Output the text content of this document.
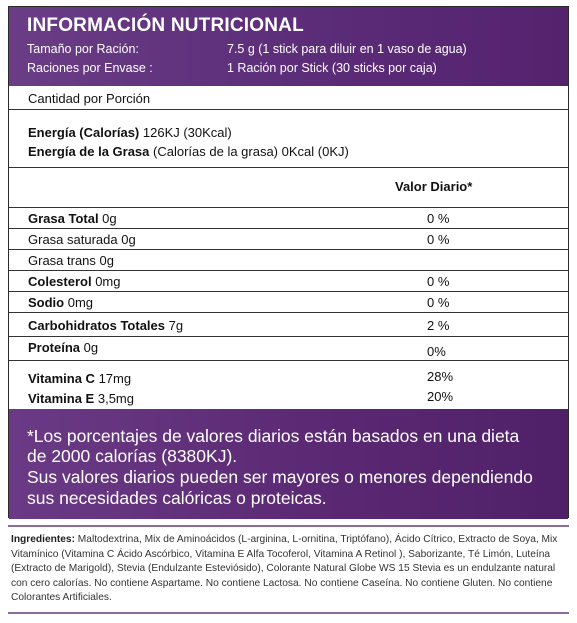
INFORMACIÓN NUTRICIONAL
Tamaño por Ración:	7.5 g (1 stick para diluir en 1 vaso de agua)
Raciones por Envase :	1 Ración por Stick (30 sticks por caja)
Cantidad por Porción
Energía (Calorías) 126KJ (30Kcal)
Energía de la Grasa (Calorías de la grasa) 0Kcal (0KJ)
Valor Diario*
Grasa Total 0g	0 %
Grasa saturada 0g	0 %
Grasa trans 0g
Colesterol 0mg	0 %
Sodio 0mg	0 %
Carbohidratos Totales 7g	2 %
Proteína 0g	0%
Vitamina C 17mg	28%
Vitamina E 3,5mg	20%
*Los porcentajes de valores diarios están basados en una dieta
de 2000 calorías (8380KJ).
Sus valores diarios pueden ser mayores o menores dependiendo
sus necesidades calóricas o proteicas.
Ingredientes: Maltodextrina, Mix de Aminoácidos (L-arginina, L-ornitina, Triptófano), Ácido Cítrico, Extracto de Soya, Mix Vitamínico (Vitamina C Ácido Ascórbico, Vitamina E Alfa Tocoferol, Vitamina A Retinol ), Saborizante, Té Limón, Luteína (Extracto de Marigold), Stevia (Endulzante Esteviósido), Colorante Natural Globe WS 15 Stevia es un endulzante natural con cero calorías. No contiene Aspartame. No contiene Lactosa. No contiene Caseína. No contiene Gluten. No contiene Colorantes Artificiales.
